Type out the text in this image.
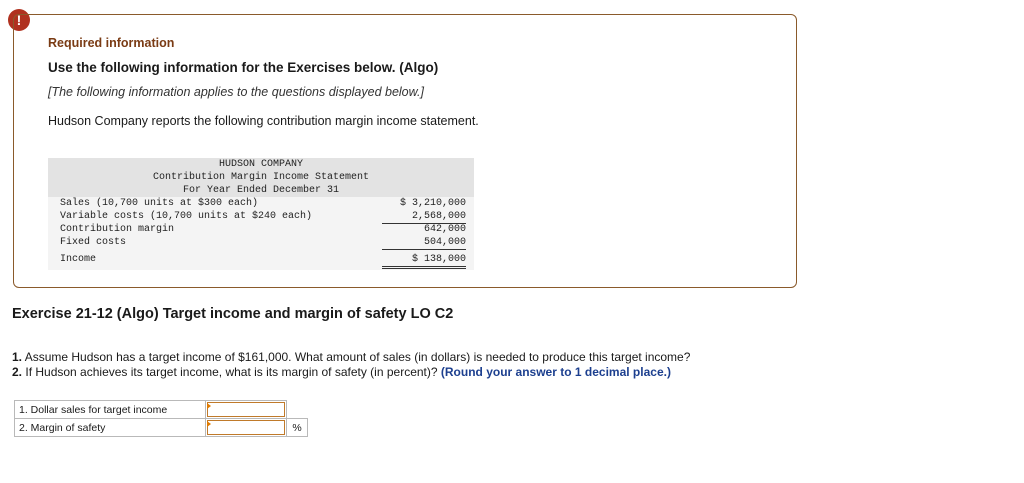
!
Required information
Use the following information for the Exercises below. (Algo)
[The following information applies to the questions displayed below.]
Hudson Company reports the following contribution margin income statement.
HUDSON COMPANY
Contribution Margin Income Statement
For Year Ended December 31
Sales (10,700 units at $300 each)	$ 3,210,000
Variable costs (10,700 units at $240 each)	2,568,000
Contribution margin	642,000
Fixed costs	504,000
Income	$ 138,000
Exercise 21-12 (Algo) Target income and margin of safety LO C2
1. Assume Hudson has a target income of $161,000. What amount of sales (in dollars) is needed to produce this target income?
2. If Hudson achieves its target income, what is its margin of safety (in percent)? (Round your answer to 1 decimal place.)
1. Dollar sales for target income		
2. Margin of safety		%
